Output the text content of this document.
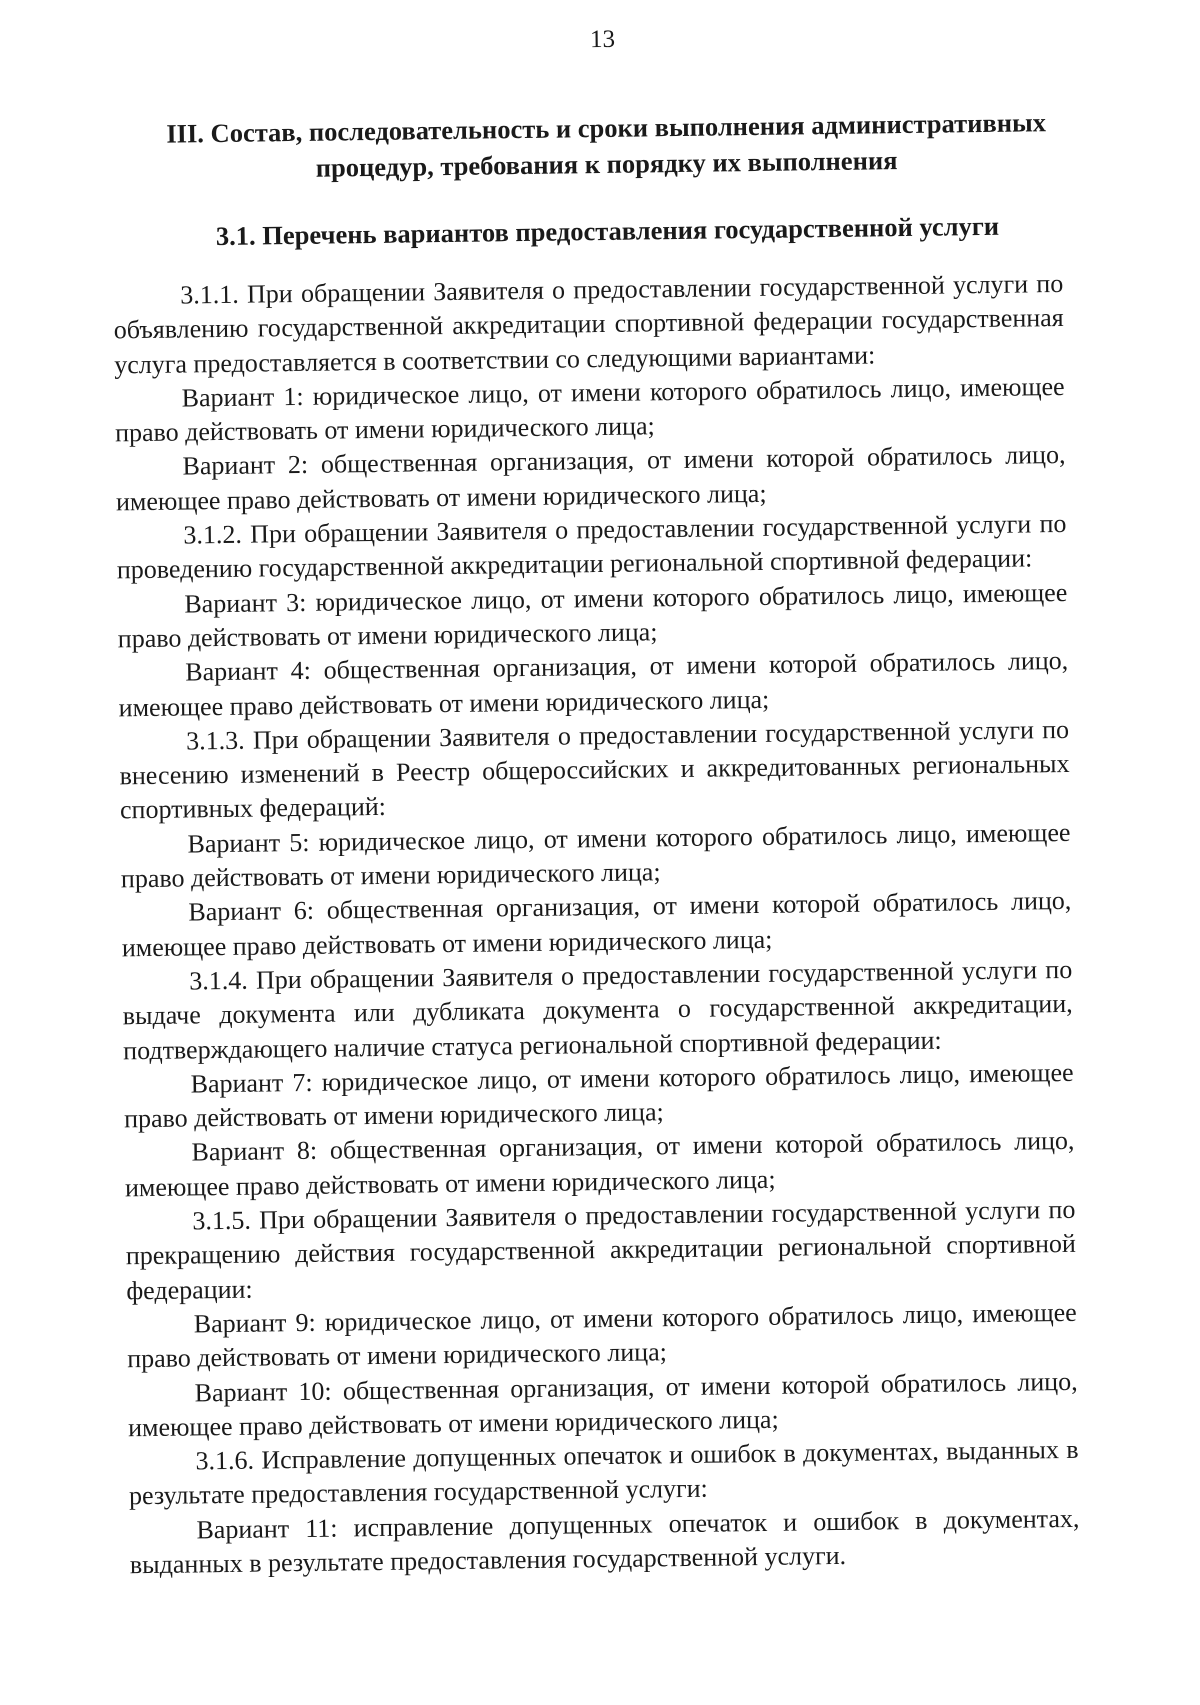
13
III. Состав, последовательность и сроки выполнения административных процедур, требования к порядку их выполнения
3.1. Перечень вариантов предоставления государственной услуги

3.1.1. При обращении Заявителя о предоставлении государственной услуги по объявлению государственной аккредитации спортивной федерации государственная услуга предоставляется в соответствии со следующими вариантами:

Вариант 1: юридическое лицо, от имени которого обратилось лицо, имеющее право действовать от имени юридического лица;

Вариант 2: общественная организация, от имени которой обратилось лицо, имеющее право действовать от имени юридического лица;

3.1.2. При обращении Заявителя о предоставлении государственной услуги по проведению государственной аккредитации региональной спортивной федерации:

Вариант 3: юридическое лицо, от имени которого обратилось лицо, имеющее право действовать от имени юридического лица;

Вариант 4: общественная организация, от имени которой обратилось лицо, имеющее право действовать от имени юридического лица;

3.1.3. При обращении Заявителя о предоставлении государственной услуги по внесению изменений в Реестр общероссийских и аккредитованных региональных спортивных федераций:

Вариант 5: юридическое лицо, от имени которого обратилось лицо, имеющее право действовать от имени юридического лица;

Вариант 6: общественная организация, от имени которой обратилось лицо, имеющее право действовать от имени юридического лица;

3.1.4. При обращении Заявителя о предоставлении государственной услуги по выдаче документа или дубликата документа о государственной аккредитации, подтверждающего наличие статуса региональной спортивной федерации:

Вариант 7: юридическое лицо, от имени которого обратилось лицо, имеющее право действовать от имени юридического лица;

Вариант 8: общественная организация, от имени которой обратилось лицо, имеющее право действовать от имени юридического лица;

3.1.5. При обращении Заявителя о предоставлении государственной услуги по прекращению действия государственной аккредитации региональной спортивной федерации:

Вариант 9: юридическое лицо, от имени которого обратилось лицо, имеющее право действовать от имени юридического лица;

Вариант 10: общественная организация, от имени которой обратилось лицо, имеющее право действовать от имени юридического лица;

3.1.6. Исправление допущенных опечаток и ошибок в документах, выданных в результате предоставления государственной услуги:

Вариант 11: исправление допущенных опечаток и ошибок в документах, выданных в результате предоставления государственной услуги.
